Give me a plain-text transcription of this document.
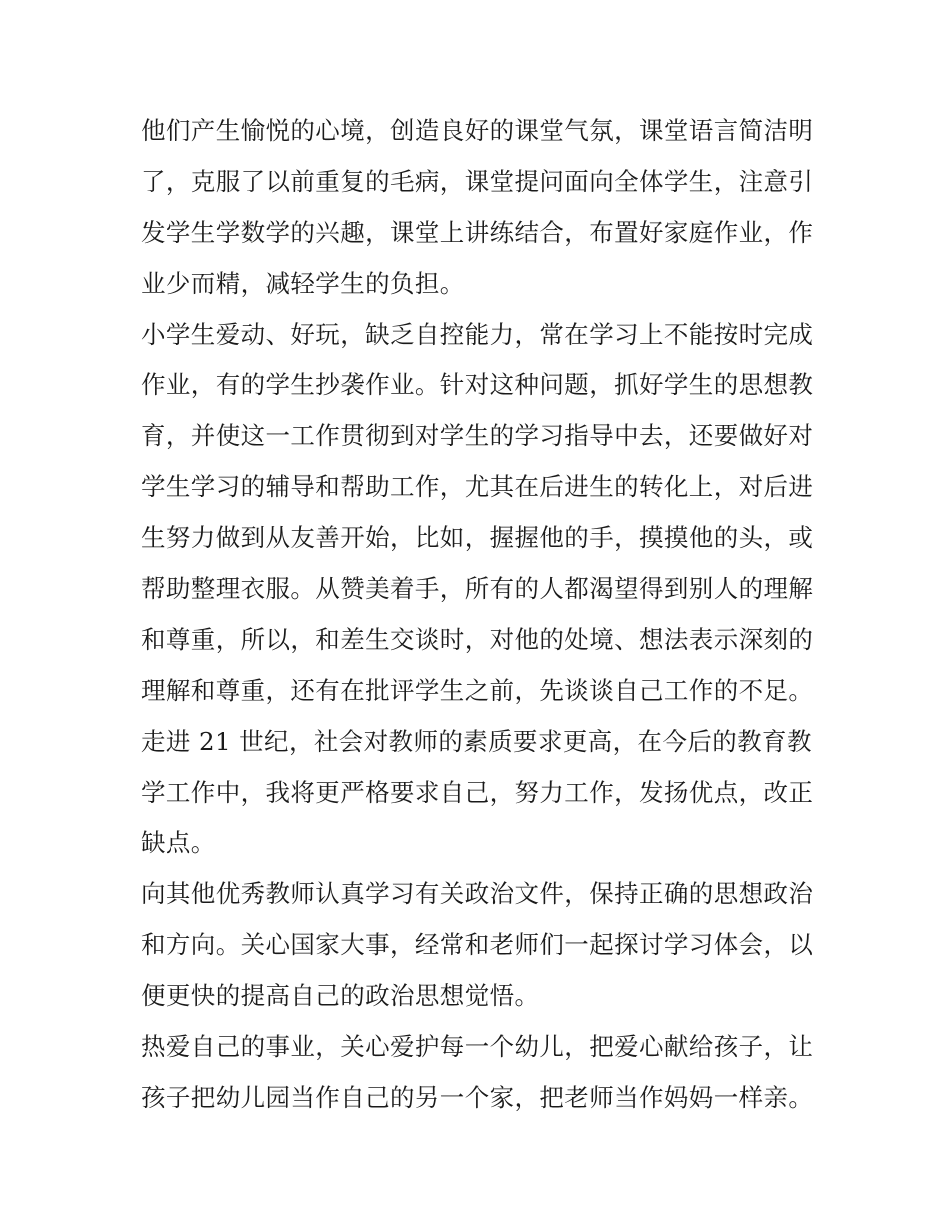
他们产生愉悦的心境，创造良好的课堂气氛，课堂语言简洁明
了，克服了以前重复的毛病，课堂提问面向全体学生，注意引
发学生学数学的兴趣，课堂上讲练结合，布置好家庭作业，作
业少而精，减轻学生的负担。
小学生爱动、好玩，缺乏自控能力，常在学习上不能按时完成
作业，有的学生抄袭作业。针对这种问题，抓好学生的思想教
育，并使这一工作贯彻到对学生的学习指导中去，还要做好对
学生学习的辅导和帮助工作，尤其在后进生的转化上，对后进
生努力做到从友善开始，比如，握握他的手，摸摸他的头，或
帮助整理衣服。从赞美着手，所有的人都渴望得到别人的理解
和尊重，所以，和差生交谈时，对他的处境、想法表示深刻的
理解和尊重，还有在批评学生之前，先谈谈自己工作的不足。
走进 21 世纪，社会对教师的素质要求更高，在今后的教育教
学工作中，我将更严格要求自己，努力工作，发扬优点，改正
缺点。
向其他优秀教师认真学习有关政治文件，保持正确的思想政治
和方向。关心国家大事，经常和老师们一起探讨学习体会，以
便更快的提高自己的政治思想觉悟。
热爱自己的事业，关心爱护每一个幼儿，把爱心献给孩子，让
孩子把幼儿园当作自己的另一个家，把老师当作妈妈一样亲。
